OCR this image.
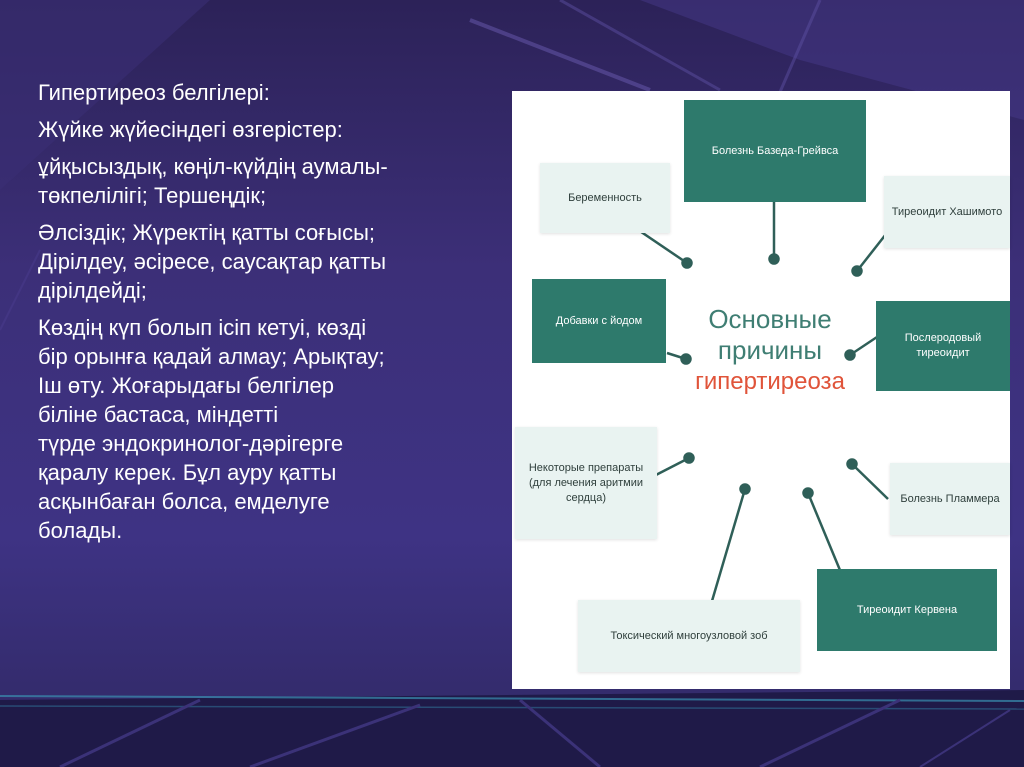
Гипертиреоз белгілері:
Жүйке жүйесіндегі өзгерістер:
ұйқысыздық, көңіл-күйдің аумалы-
төкпелілігі; Тершеңдік;
Әлсіздік; Жүректің қатты соғысы;
Дірілдеу, әсіресе, саусақтар қатты
дірілдейді;
Көздің күп болып ісіп кетуі, көзді
бір орынға қадай алмау; Арықтау;
Іш өту. Жоғарыдағы белгілер
біліне бастаса, міндетті
түрде эндокринолог-дәрігерге
қаралу керек. Бұл ауру қатты
асқынбаған болса, емделуге
болады.
Болезнь Базеда-Грейвса
Беременность
Тиреоидит Хашимото
Добавки с йодом
Послеродовый
тиреоидит
Некоторые препараты
(для лечения аритмии
сердца)	Болезнь Пламмера
Токсический многоузловой зоб
Тиреоидит Кервена
Основные
причины
гипертиреоза
